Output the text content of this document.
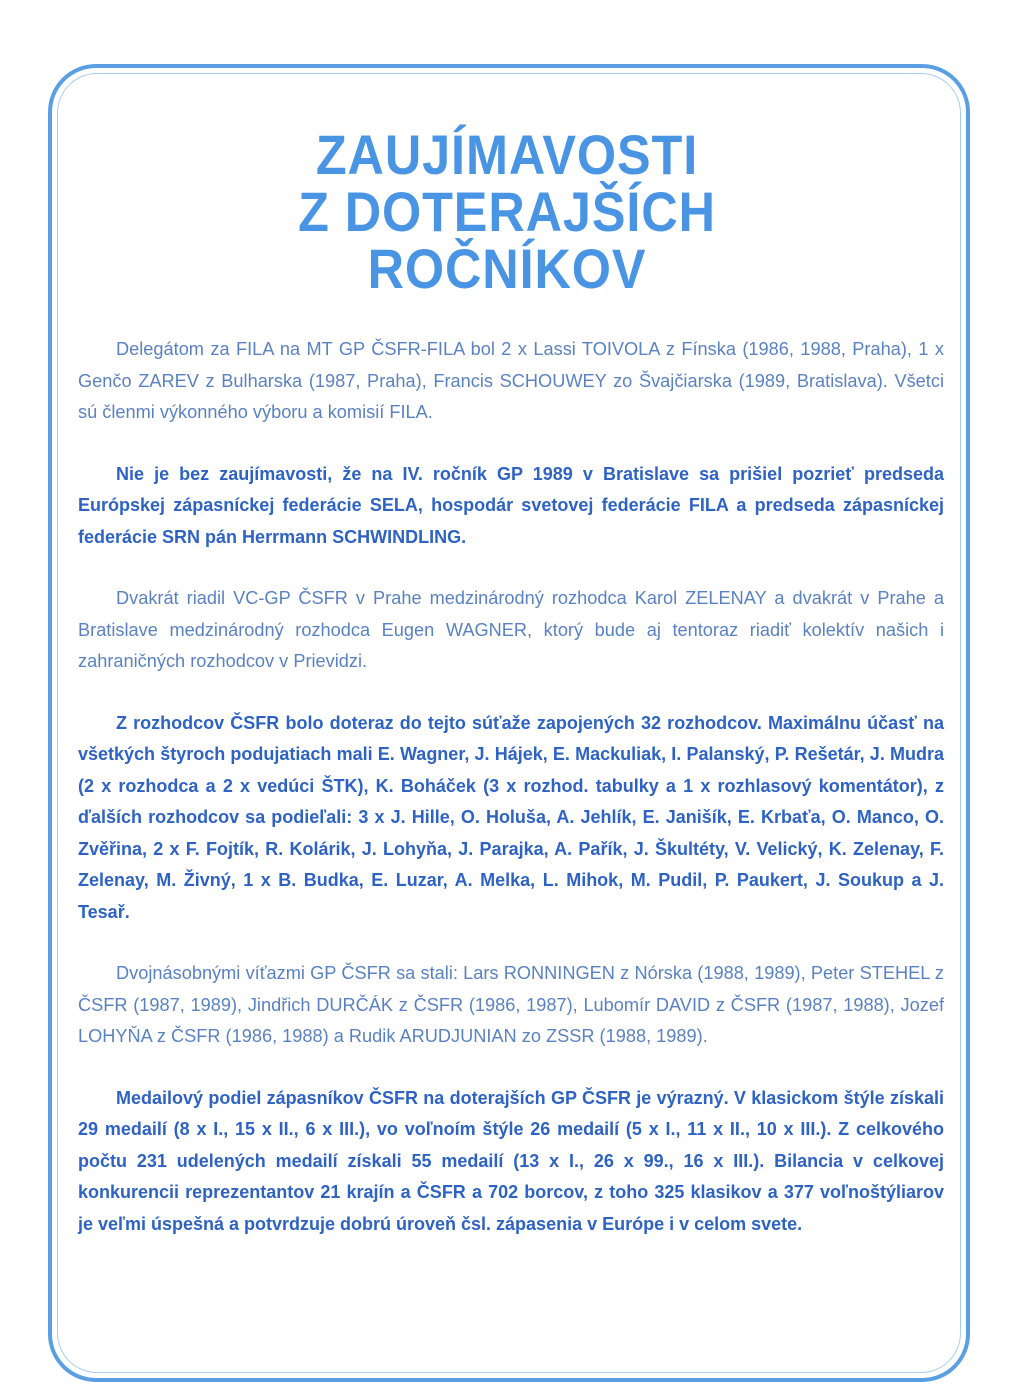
ZAUJÍMAVOSTI
Z DOTERAJŠÍCH
ROČNÍKOV

Delegátom za FILA na MT GP ČSFR-FILA bol 2 x Lassi TOIVOLA z Fínska (1986, 1988, Praha), 1 x Genčo ZAREV z Bulharska (1987, Praha), Francis SCHOUWEY zo Švajčiarska (1989, Bratislava). Všetci sú členmi výkonného výboru a komisií FILA.

Nie je bez zaujímavosti, že na IV. ročník GP 1989 v Bratislave sa prišiel pozrieť predseda Európskej zápasníckej federácie SELA, hospodár svetovej federácie FILA a predseda zápasníckej federácie SRN pán Herrmann SCHWINDLING.

Dvakrát riadil VC-GP ČSFR v Prahe medzinárodný rozhodca Karol ZELENAY a dvakrát v Prahe a Bratislave medzinárodný rozhodca Eugen WAGNER, ktorý bude aj tentoraz riadiť kolektív našich i zahraničných rozhodcov v Prievidzi.

Z rozhodcov ČSFR bolo doteraz do tejto súťaže zapojených 32 rozhodcov. Maximálnu účasť na všetkých štyroch podujatiach mali E. Wagner, J. Hájek, E. Mackuliak, I. Palanský, P. Rešetár, J. Mudra (2 x rozhodca a 2 x vedúci ŠTK), K. Boháček (3 x rozhod. tabulky a 1 x rozhlasový komentátor), z ďalších rozhodcov sa podieľali: 3 x J. Hille, O. Holuša, A. Jehlík, E. Janišík, E. Krbaťa, O. Manco, O. Zvěřina, 2 x F. Fojtík, R. Kolárik, J. Lohyňa, J. Parajka, A. Pařík, J. Škultéty, V. Velický, K. Zelenay, F. Zelenay, M. Živný, 1 x B. Budka, E. Luzar, A. Melka, L. Mihok, M. Pudil, P. Paukert, J. Soukup a J. Tesař.

Dvojnásobnými víťazmi GP ČSFR sa stali: Lars RONNINGEN z Nórska (1988, 1989), Peter STEHEL z ČSFR (1987, 1989), Jindřich DURČÁK z ČSFR (1986, 1987), Lubomír DAVID z ČSFR (1987, 1988), Jozef LOHYŇA z ČSFR (1986, 1988) a Rudik ARUDJUNIAN zo ZSSR (1988, 1989).

Medailový podiel zápasníkov ČSFR na doterajších GP ČSFR je výrazný. V klasickom štýle získali 29 medailí (8 x I., 15 x II., 6 x III.), vo voľnoím štýle 26 medailí (5 x I., 11 x II., 10 x III.). Z celkového počtu 231 udelených medailí získali 55 medailí (13 x I., 26 x 99., 16 x III.). Bilancia v celkovej konkurencii reprezentantov 21 krajín a ČSFR a 702 borcov, z toho 325 klasikov a 377 voľnoštýliarov je veľmi úspešná a potvrdzuje dobrú úroveň čsl. zápasenia v Európe i v celom svete.
